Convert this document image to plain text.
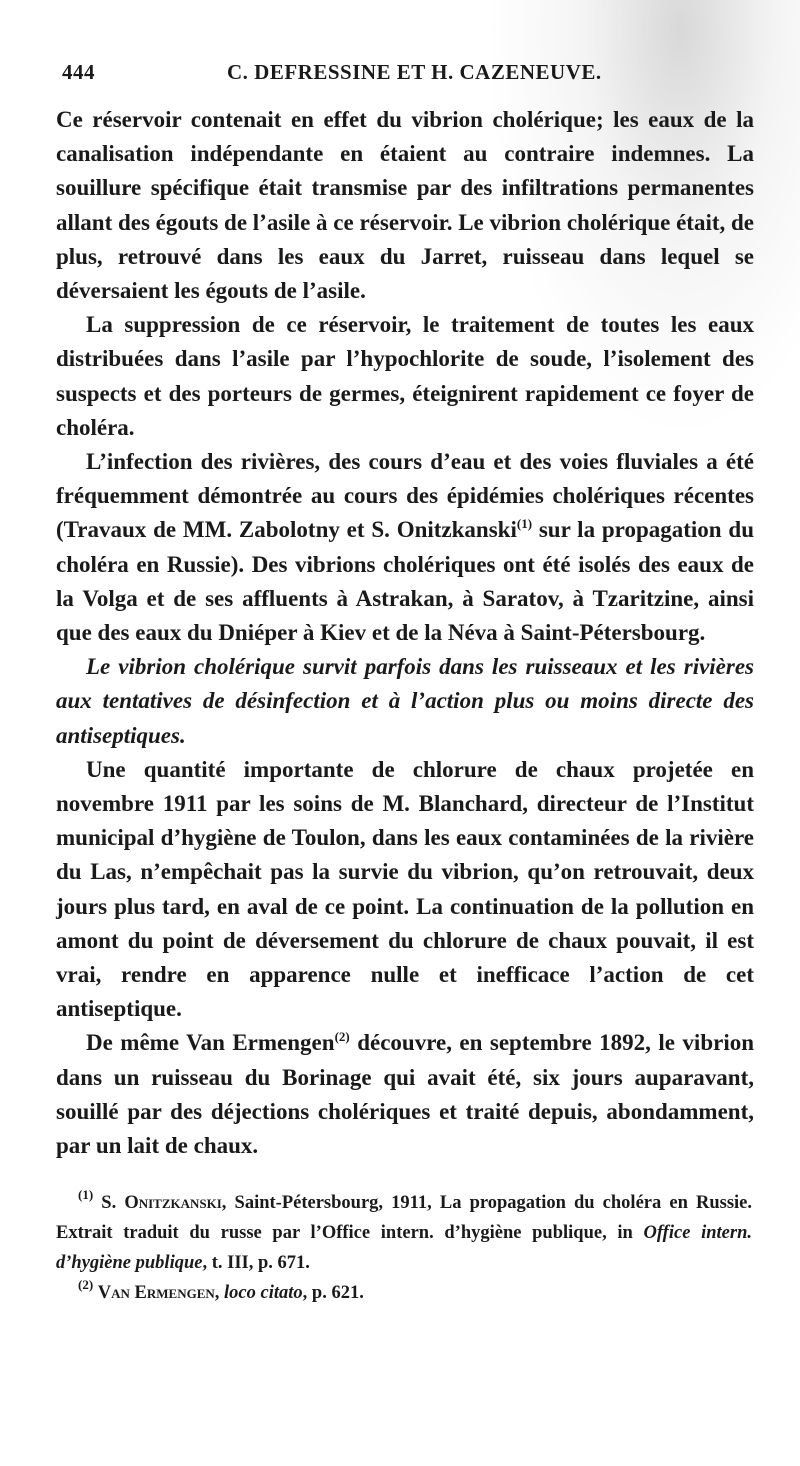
444	C. DEFRESSINE ET H. CAZENEUVE.

Ce réservoir contenait en effet du vibrion cholérique; les eaux de la canalisation indépendante en étaient au contraire indemnes. La souillure spécifique était transmise par des infiltrations permanentes allant des égouts de l’asile à ce réservoir. Le vibrion cholérique était, de plus, retrouvé dans les eaux du Jarret, ruisseau dans lequel se déversaient les égouts de l’asile.

La suppression de ce réservoir, le traitement de toutes les eaux distribuées dans l’asile par l’hypochlorite de soude, l’isolement des suspects et des porteurs de germes, éteignirent rapidement ce foyer de choléra.

L’infection des rivières, des cours d’eau et des voies fluviales a été fréquemment démontrée au cours des épidémies cholériques récentes (Travaux de MM. Zabolotny et S. Onitzkanski$^{(1)}$ sur la propagation du choléra en Russie). Des vibrions cholériques ont été isolés des eaux de la Volga et de ses affluents à Astrakan, à Saratov, à Tzaritzine, ainsi que des eaux du Dniéper à Kiev et de la Néva à Saint-Pétersbourg.

Le vibrion cholérique survit parfois dans les ruisseaux et les rivières aux tentatives de désinfection et à l’action plus ou moins directe des antiseptiques.

Une quantité importante de chlorure de chaux projetée en novembre 1911 par les soins de M. Blanchard, directeur de l’Institut municipal d’hygiène de Toulon, dans les eaux contaminées de la rivière du Las, n’empêchait pas la survie du vibrion, qu’on retrouvait, deux jours plus tard, en aval de ce point. La continuation de la pollution en amont du point de déversement du chlorure de chaux pouvait, il est vrai, rendre en apparence nulle et inefficace l’action de cet antiseptique.

De même Van Ermengen$^{(2)}$ découvre, en septembre 1892, le vibrion dans un ruisseau du Borinage qui avait été, six jours auparavant, souillé par des déjections cholériques et traité depuis, abondamment, par un lait de chaux.

$^{(1)}$ S. Onitzkanski, Saint-Pétersbourg, 1911, La propagation du choléra en Russie. Extrait traduit du russe par l’Office intern. d’hygiène publique, in Office intern. d’hygiène publique, t. III, p. 671.

$^{(2)}$ Van Ermengen, loco citato, p. 621.
